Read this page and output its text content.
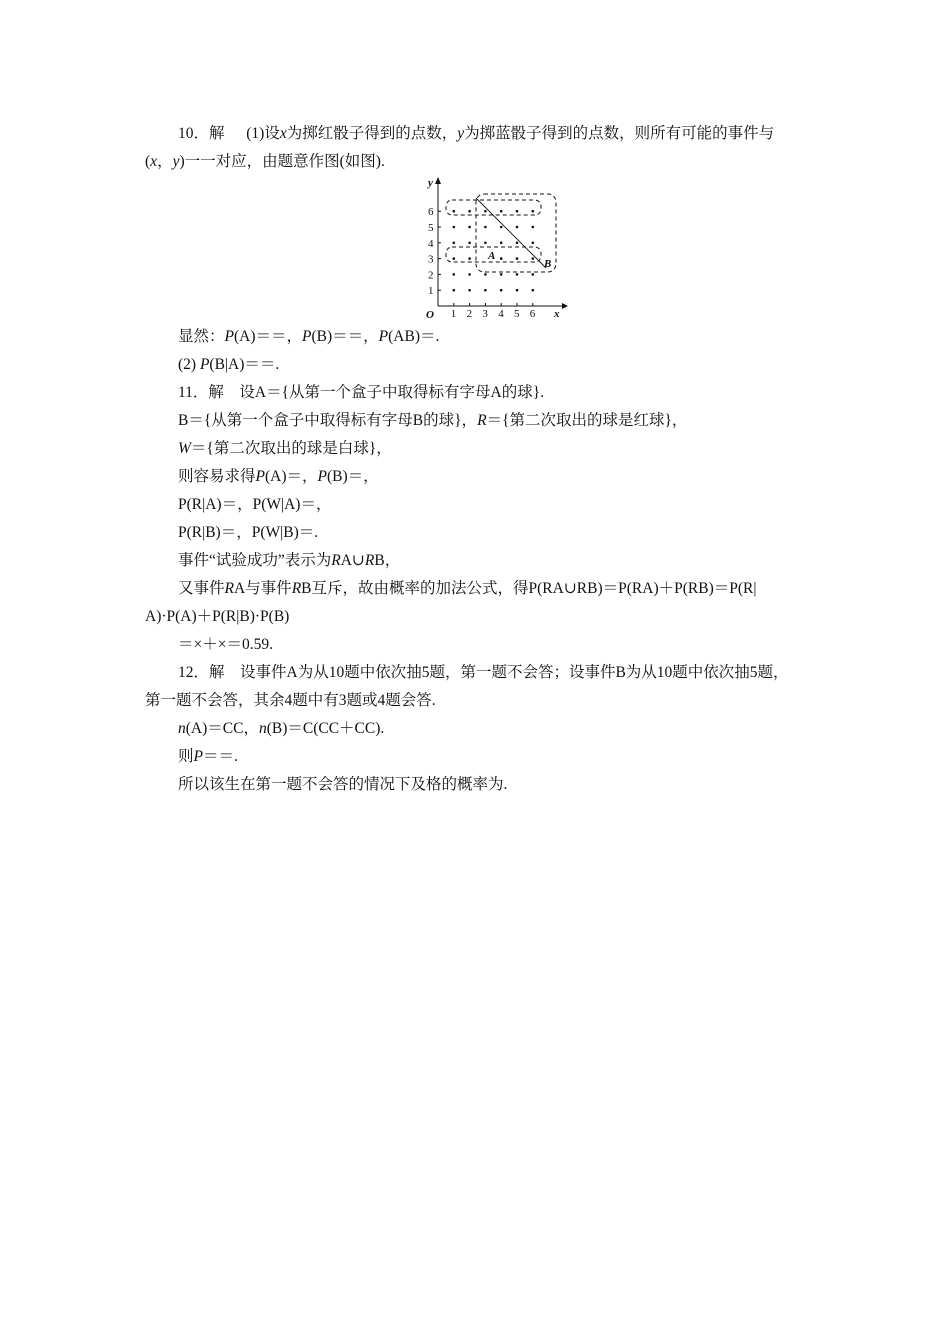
10．解 (1)设x为掷红骰子得到的点数，y为掷蓝骰子得到的点数，则所有可能的事件与
(x，y)一一对应，由题意作图(如图).
y
x
O 1 2 3 4 5 6
1
2
3
4
5
6
A
B
显然：P(A)＝＝，P(B)＝＝，P(AB)＝.
(2) P(B|A)＝＝.
11．解　设A＝{从第一个盒子中取得标有字母A的球}.
B＝{从第一个盒子中取得标有字母B的球}，R＝{第二次取出的球是红球}，
W＝{第二次取出的球是白球}，
则容易求得P(A)＝，P(B)＝，
P(R|A)＝，P(W|A)＝，
P(R|B)＝，P(W|B)＝.
事件“试验成功”表示为RA∪RB，
又事件RA与事件RB互斥，故由概率的加法公式，得P(RA∪RB)＝P(RA)＋P(RB)＝P(R|
A)·P(A)＋P(R|B)·P(B)
＝×＋×＝0.59.
12．解　设事件A为从10题中依次抽5题，第一题不会答；设事件B为从10题中依次抽5题，
第一题不会答，其余4题中有3题或4题会答.
n(A)＝CC，n(B)＝C(CC＋CC).
则P＝＝.
所以该生在第一题不会答的情况下及格的概率为.
